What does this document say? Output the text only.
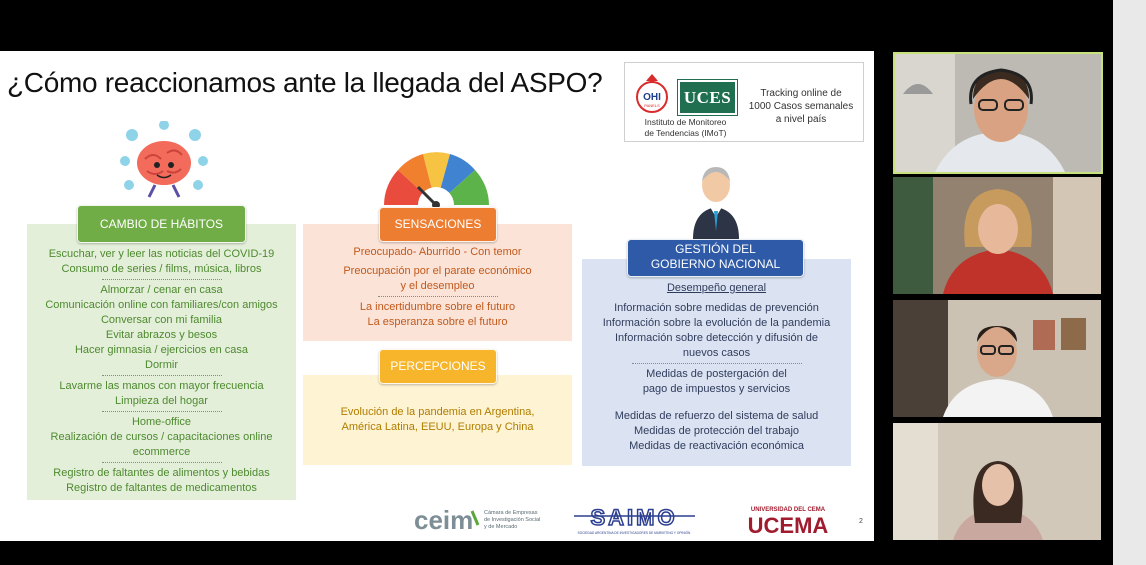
¿Cómo reaccionamos ante la llegada del ASPO?	OHI
PANELS	UCES
Instituto de Monitoreo
de Tendencias (IMoT)
Tracking online de
1000 Casos semanales
a nivel país
Escuchar, ver y leer las noticias del COVID-19
Consumo de series / films, música, libros
Almorzar / cenar en casa
Comunicación online con familiares/con amigos
Conversar con mi familia
Evitar abrazos y besos
Hacer gimnasia / ejercicios en casa
Dormir
Lavarme las manos con mayor frecuencia
Limpieza del hogar
Home-office
Realización de cursos / capacitaciones online
ecommerce
Registro de faltantes de alimentos y bebidas
Registro de faltantes de medicamentos
CAMBIO DE HÁBITOS
Preocupado- Aburrido - Con temor
Preocupación por el parate económico
y el desempleo
La incertidumbre sobre el futuro
La esperanza sobre el futuro
SENSACIONES
Evolución de la pandemia en Argentina,
América Latina, EEUU, Europa y China
PERCEPCIONES
Desempeño general
Información sobre medidas de prevención
Información sobre la evolución de la pandemia
Información sobre detección y difusión de
nuevos casos
Medidas de postergación del
pago de impuestos y servicios
Medidas de refuerzo del sistema de salud
Medidas de protección del trabajo
Medidas de reactivación económica
GESTIÓN DEL
GOBIERNO NACIONAL
ceim Cámara de Empresas
de Investigación Social
y de Mercado	SAIMO
SOCIEDAD ARGENTINA DE INVESTIGADORES DE MARKETING Y OPINIÓN
UNIVERSIDAD DEL CEMA
UCEMA	2
